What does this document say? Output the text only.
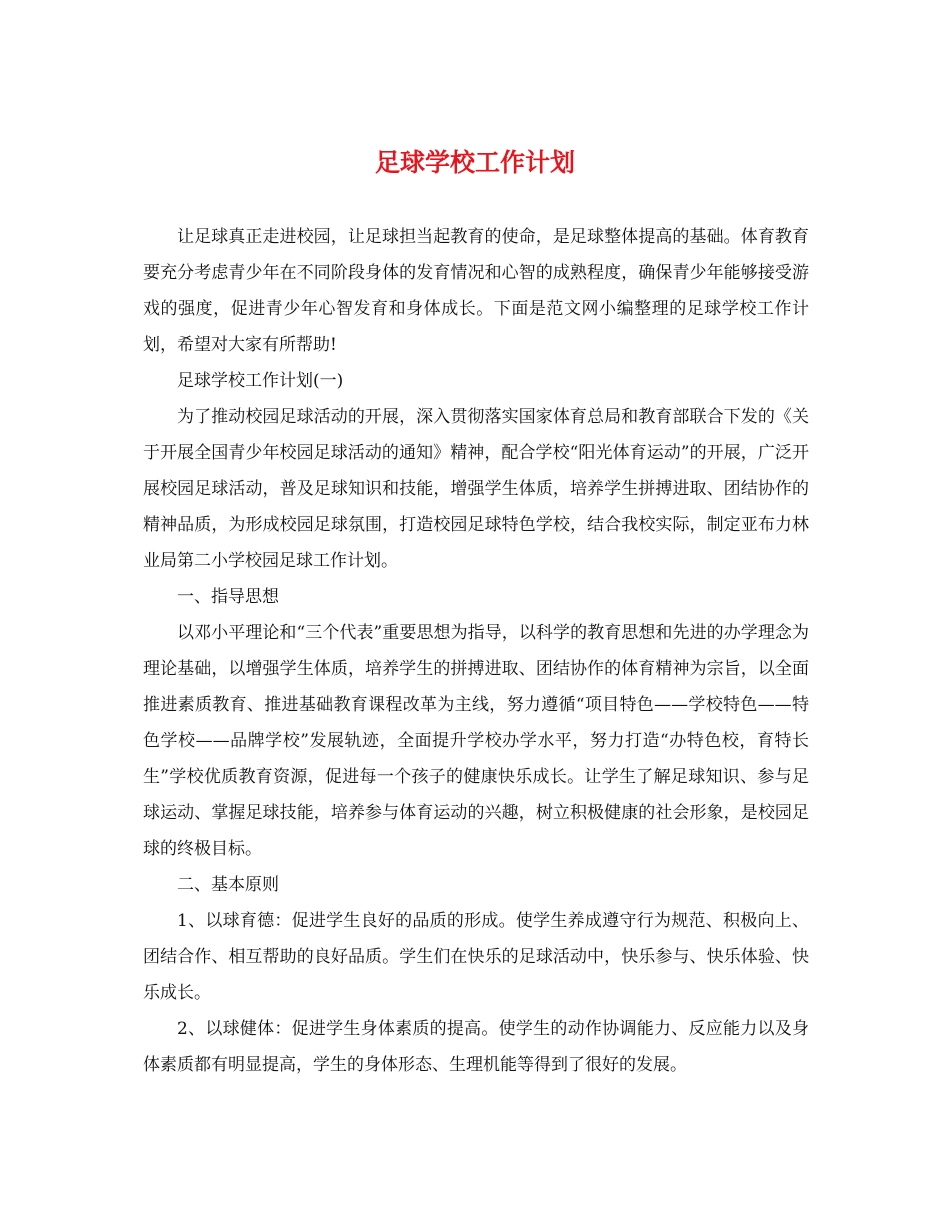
足球学校工作计划

让足球真正走进校园，让足球担当起教育的使命，是足球整体提高的基础。体育教育要充分考虑青少年在不同阶段身体的发育情况和心智的成熟程度，确保青少年能够接受游戏的强度，促进青少年心智发育和身体成长。下面是范文网小编整理的足球学校工作计划，希望对大家有所帮助!

足球学校工作计划(一)

为了推动校园足球活动的开展，深入贯彻落实国家体育总局和教育部联合下发的《关于开展全国青少年校园足球活动的通知》精神，配合学校“阳光体育运动”的开展，广泛开展校园足球活动，普及足球知识和技能，增强学生体质，培养学生拼搏进取、团结协作的精神品质，为形成校园足球氛围，打造校园足球特色学校，结合我校实际，制定亚布力林业局第二小学校园足球工作计划。

一、指导思想

以邓小平理论和“三个代表”重要思想为指导，以科学的教育思想和先进的办学理念为理论基础，以增强学生体质，培养学生的拼搏进取、团结协作的体育精神为宗旨，以全面推进素质教育、推进基础教育课程改革为主线，努力遵循“项目特色——学校特色——特色学校——品牌学校”发展轨迹，全面提升学校办学水平，努力打造“办特色校，育特长生”学校优质教育资源，促进每一个孩子的健康快乐成长。让学生了解足球知识、参与足球运动、掌握足球技能，培养参与体育运动的兴趣，树立积极健康的社会形象，是校园足球的终极目标。

二、基本原则

1、以球育德：促进学生良好的品质的形成。使学生养成遵守行为规范、积极向上、团结合作、相互帮助的良好品质。学生们在快乐的足球活动中，快乐参与、快乐体验、快乐成长。

2、以球健体：促进学生身体素质的提高。使学生的动作协调能力、反应能力以及身体素质都有明显提高，学生的身体形态、生理机能等得到了很好的发展。
